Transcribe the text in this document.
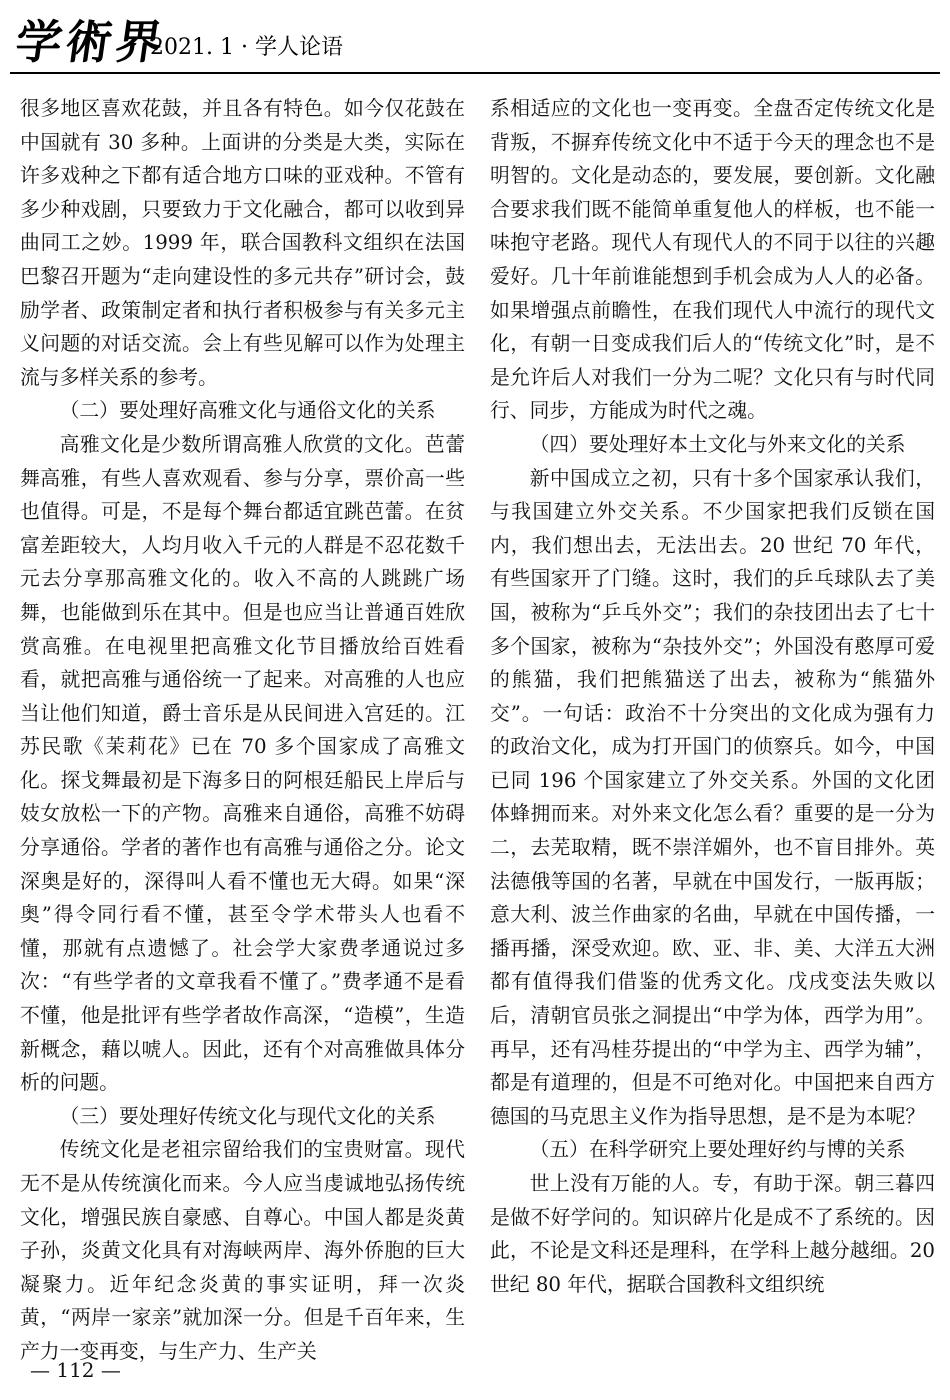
学術界
2021. 1 · 学人论语

很多地区喜欢花鼓，并且各有特色。如今仅花鼓在中国就有 30 多种。上面讲的分类是大类，实际在许多戏种之下都有适合地方口味的亚戏种。不管有多少种戏剧，只要致力于文化融合，都可以收到异曲同工之妙。1999 年，联合国教科文组织在法国巴黎召开题为“走向建设性的多元共存”研讨会，鼓励学者、政策制定者和执行者积极参与有关多元主义问题的对话交流。会上有些见解可以作为处理主流与多样关系的参考。

（二）要处理好高雅文化与通俗文化的关系

高雅文化是少数所谓高雅人欣赏的文化。芭蕾舞高雅，有些人喜欢观看、参与分享，票价高一些也值得。可是，不是每个舞台都适宜跳芭蕾。在贫富差距较大，人均月收入千元的人群是不忍花数千元去分享那高雅文化的。收入不高的人跳跳广场舞，也能做到乐在其中。但是也应当让普通百姓欣赏高雅。在电视里把高雅文化节目播放给百姓看看，就把高雅与通俗统一了起来。对高雅的人也应当让他们知道，爵士音乐是从民间进入宫廷的。江苏民歌《茉莉花》已在 70 多个国家成了高雅文化。探戈舞最初是下海多日的阿根廷船民上岸后与妓女放松一下的产物。高雅来自通俗，高雅不妨碍分享通俗。学者的著作也有高雅与通俗之分。论文深奥是好的，深得叫人看不懂也无大碍。如果“深奥”得令同行看不懂，甚至令学术带头人也看不懂，那就有点遗憾了。社会学大家费孝通说过多次：“有些学者的文章我看不懂了。”费孝通不是看不懂，他是批评有些学者故作高深，“造模”，生造新概念，藉以唬人。因此，还有个对高雅做具体分析的问题。

（三）要处理好传统文化与现代文化的关系

传统文化是老祖宗留给我们的宝贵财富。现代无不是从传统演化而来。今人应当虔诚地弘扬传统文化，增强民族自豪感、自尊心。中国人都是炎黄子孙，炎黄文化具有对海峡两岸、海外侨胞的巨大凝聚力。近年纪念炎黄的事实证明，拜一次炎黄，“两岸一家亲”就加深一分。但是千百年来，生产力一变再变，与生产力、生产关

系相适应的文化也一变再变。全盘否定传统文化是背叛，不摒弃传统文化中不适于今天的理念也不是明智的。文化是动态的，要发展，要创新。文化融合要求我们既不能简单重复他人的样板，也不能一味抱守老路。现代人有现代人的不同于以往的兴趣爱好。几十年前谁能想到手机会成为人人的必备。如果增强点前瞻性，在我们现代人中流行的现代文化，有朝一日变成我们后人的“传统文化”时，是不是允许后人对我们一分为二呢？文化只有与时代同行、同步，方能成为时代之魂。

（四）要处理好本土文化与外来文化的关系

新中国成立之初，只有十多个国家承认我们，与我国建立外交关系。不少国家把我们反锁在国内，我们想出去，无法出去。20 世纪 70 年代，有些国家开了门缝。这时，我们的乒乓球队去了美国，被称为“乒乓外交”；我们的杂技团出去了七十多个国家，被称为“杂技外交”；外国没有憨厚可爱的熊猫，我们把熊猫送了出去，被称为“熊猫外交”。一句话：政治不十分突出的文化成为强有力的政治文化，成为打开国门的侦察兵。如今，中国已同 196 个国家建立了外交关系。外国的文化团体蜂拥而来。对外来文化怎么看？重要的是一分为二，去芜取精，既不崇洋媚外，也不盲目排外。英法德俄等国的名著，早就在中国发行，一版再版；意大利、波兰作曲家的名曲，早就在中国传播，一播再播，深受欢迎。欧、亚、非、美、大洋五大洲都有值得我们借鉴的优秀文化。戊戌变法失败以后，清朝官员张之洞提出“中学为体，西学为用”。再早，还有冯桂芬提出的“中学为主、西学为辅”，都是有道理的，但是不可绝对化。中国把来自西方德国的马克思主义作为指导思想，是不是为本呢？

（五）在科学研究上要处理好约与博的关系

世上没有万能的人。专，有助于深。朝三暮四是做不好学问的。知识碎片化是成不了系统的。因此，不论是文科还是理科，在学科上越分越细。20 世纪 80 年代，据联合国教科文组织统

— 112 —
